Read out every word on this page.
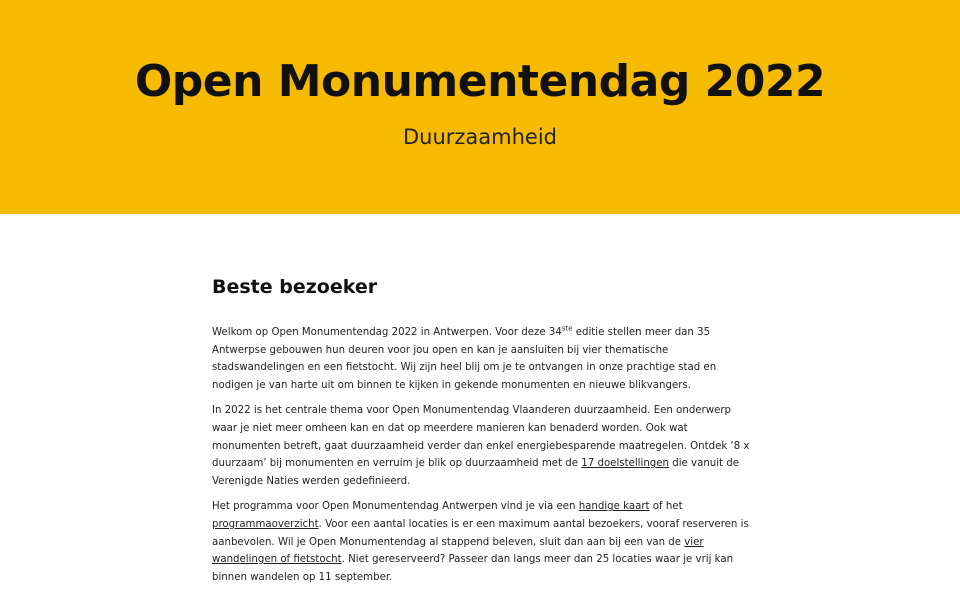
Open Monumentendag 2022
Duurzaamheid
Beste bezoeker

Welkom op Open Monumentendag 2022 in Antwerpen. Voor deze 34ste editie stellen meer dan 35 Antwerpse gebouwen hun deuren voor jou open en kan je aansluiten bij vier thematische stadswandelingen en een fietstocht. Wij zijn heel blij om je te ontvangen in onze prachtige stad en nodigen je van harte uit om binnen te kijken in gekende monumenten en nieuwe blikvangers.

In 2022 is het centrale thema voor Open Monumentendag Vlaanderen duurzaamheid. Een onderwerp waar je niet meer omheen kan en dat op meerdere manieren kan benaderd worden. Ook wat monumenten betreft, gaat duurzaamheid verder dan enkel energiebesparende maatregelen. Ontdek ‘8 x duurzaam’ bij monumenten en verruim je blik op duurzaamheid met de 17 doelstellingen die vanuit de Verenigde Naties werden gedefinieerd.

Het programma voor Open Monumentendag Antwerpen vind je via een handige kaart of het programmaoverzicht. Voor een aantal locaties is er een maximum aantal bezoekers, vooraf reserveren is aanbevolen. Wil je Open Monumentendag al stappend beleven, sluit dan aan bij een van de vier wandelingen of fietstocht. Niet gereserveerd? Passeer dan langs meer dan 25 locaties waar je vrij kan binnen wandelen op 11 september.
